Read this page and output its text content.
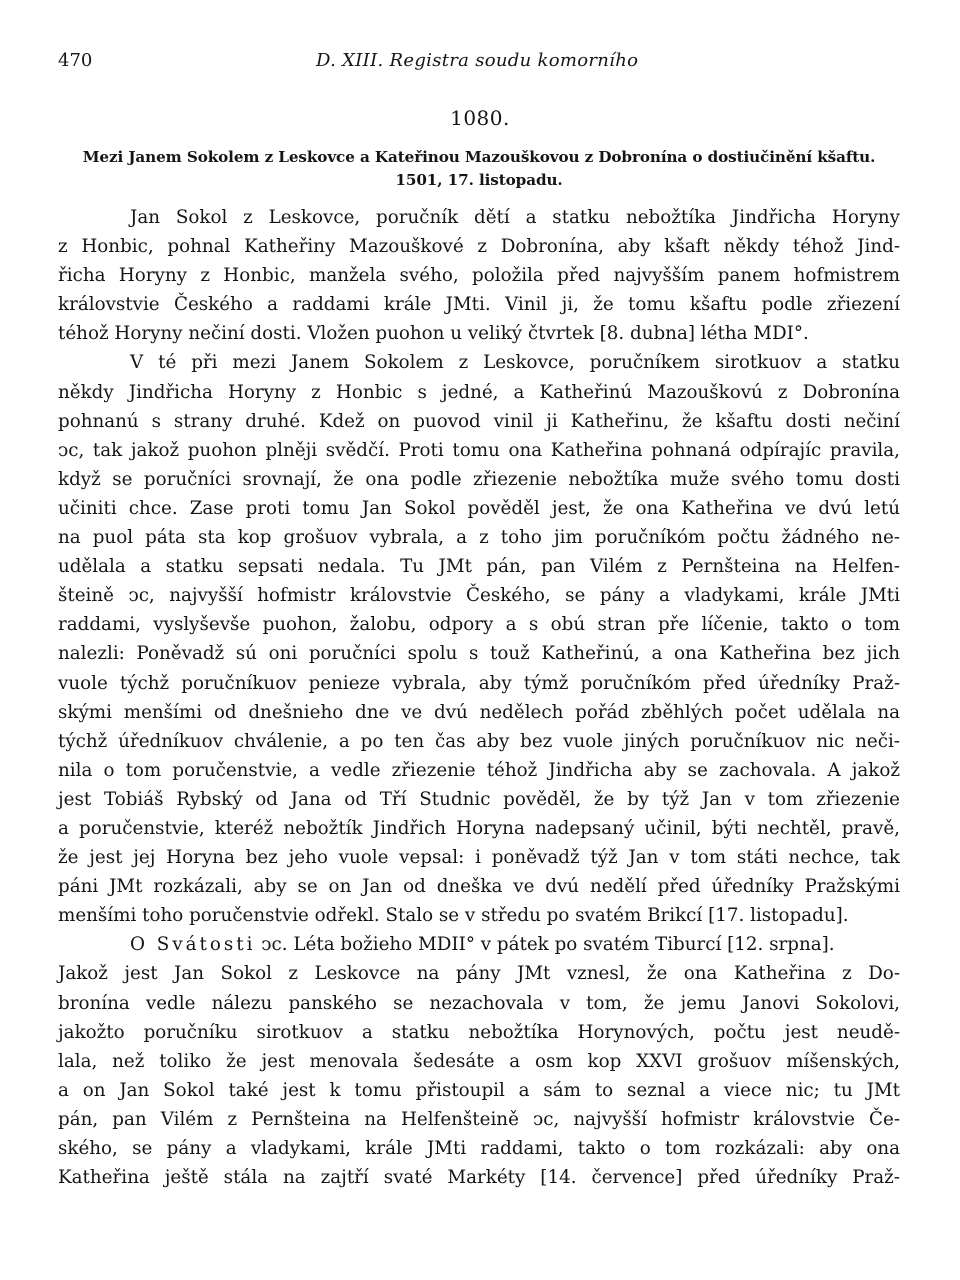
470	D. XIII. Registra soudu komorního
1080.
Mezi Janem Sokolem z Leskovce a Kateřinou Mazouškovou z Dobronína o dostiučinění kšaftu.
1501, 17. listopadu.

Jan Sokol z Leskovce, poručník dětí a statku nebožtíka Jindřicha Horyny
z Honbic, pohnal Katheřiny Mazouškové z Dobronína, aby kšaft někdy téhož Jind-
řicha Horyny z Honbic, manžela svého, položila před najvyšším panem hofmistrem
královstvie Českého a raddami krále JMti. Vinil ji, že tomu kšaftu podle zřiezení
téhož Horyny nečiní dosti. Vložen puohon u veliký čtvrtek [8. dubna] létha MDI°.

V té při mezi Janem Sokolem z Leskovce, poručníkem sirotkuov a statku
někdy Jindřicha Horyny z Honbic s jedné, a Katheřinú Mazouškovú z Dobronína
pohnanú s strany druhé. Kdež on puovod vinil ji Katheřinu, že kšaftu dosti nečiní
ↄc, tak jakož puohon plněji svědčí. Proti tomu ona Katheřina pohnaná odpírajíc pravila,
když se poručníci srovnají, že ona podle zřiezenie nebožtíka muže svého tomu dosti
učiniti chce. Zase proti tomu Jan Sokol pověděl jest, že ona Katheřina ve dvú letú
na puol páta sta kop grošuov vybrala, a z toho jim poručníkóm počtu žádného ne-
udělala a statku sepsati nedala. Tu JMt pán, pan Vilém z Pernšteina na Helfen-
šteině ↄc, najvyšší hofmistr královstvie Českého, se pány a vladykami, krále JMti
raddami, vyslyševše puohon, žalobu, odpory a s obú stran pře líčenie, takto o tom
nalezli: Poněvadž sú oni poručníci spolu s touž Katheřinú, a ona Katheřina bez jich
vuole týchž poručníkuov penieze vybrala, aby týmž poručníkóm před úředníky Praž-
skými menšími od dnešnieho dne ve dvú nedělech pořád zběhlých počet udělala na
týchž úředníkuov chválenie, a po ten čas aby bez vuole jiných poručníkuov nic neči-
nila o tom poručenstvie, a vedle zřiezenie téhož Jindřicha aby se zachovala. A jakož
jest Tobiáš Rybský od Jana od Tří Studnic pověděl, že by týž Jan v tom zřiezenie
a poručenstvie, kteréž nebožtík Jindřich Horyna nadepsaný učinil, býti nechtěl, pravě,
že jest jej Horyna bez jeho vuole vepsal: i poněvadž týž Jan v tom státi nechce, tak
páni JMt rozkázali, aby se on Jan od dneška ve dvú nedělí před úředníky Pražskými
menšími toho poručenstvie odřekl. Stalo se v středu po svatém Brikcí [17. listopadu].

O Svátosti ↄc. Léta božieho MDII° v pátek po svatém Tiburcí [12. srpna].
Jakož jest Jan Sokol z Leskovce na pány JMt vznesl, že ona Katheřina z Do-
bronína vedle nálezu panského se nezachovala v tom, že jemu Janovi Sokolovi,
jakožto poručníku sirotkuov a statku nebožtíka Horynových, počtu jest neudě-
lala, než toliko že jest menovala šedesáte a osm kop XXVI grošuov míšenských,
a on Jan Sokol také jest k tomu přistoupil a sám to seznal a viece nic; tu JMt
pán, pan Vilém z Pernšteina na Helfenšteině ↄc, najvyšší hofmistr královstvie Če-
ského, se pány a vladykami, krále JMti raddami, takto o tom rozkázali: aby ona
Katheřina ještě stála na zajtří svaté Markéty [14. července] před úředníky Praž-
